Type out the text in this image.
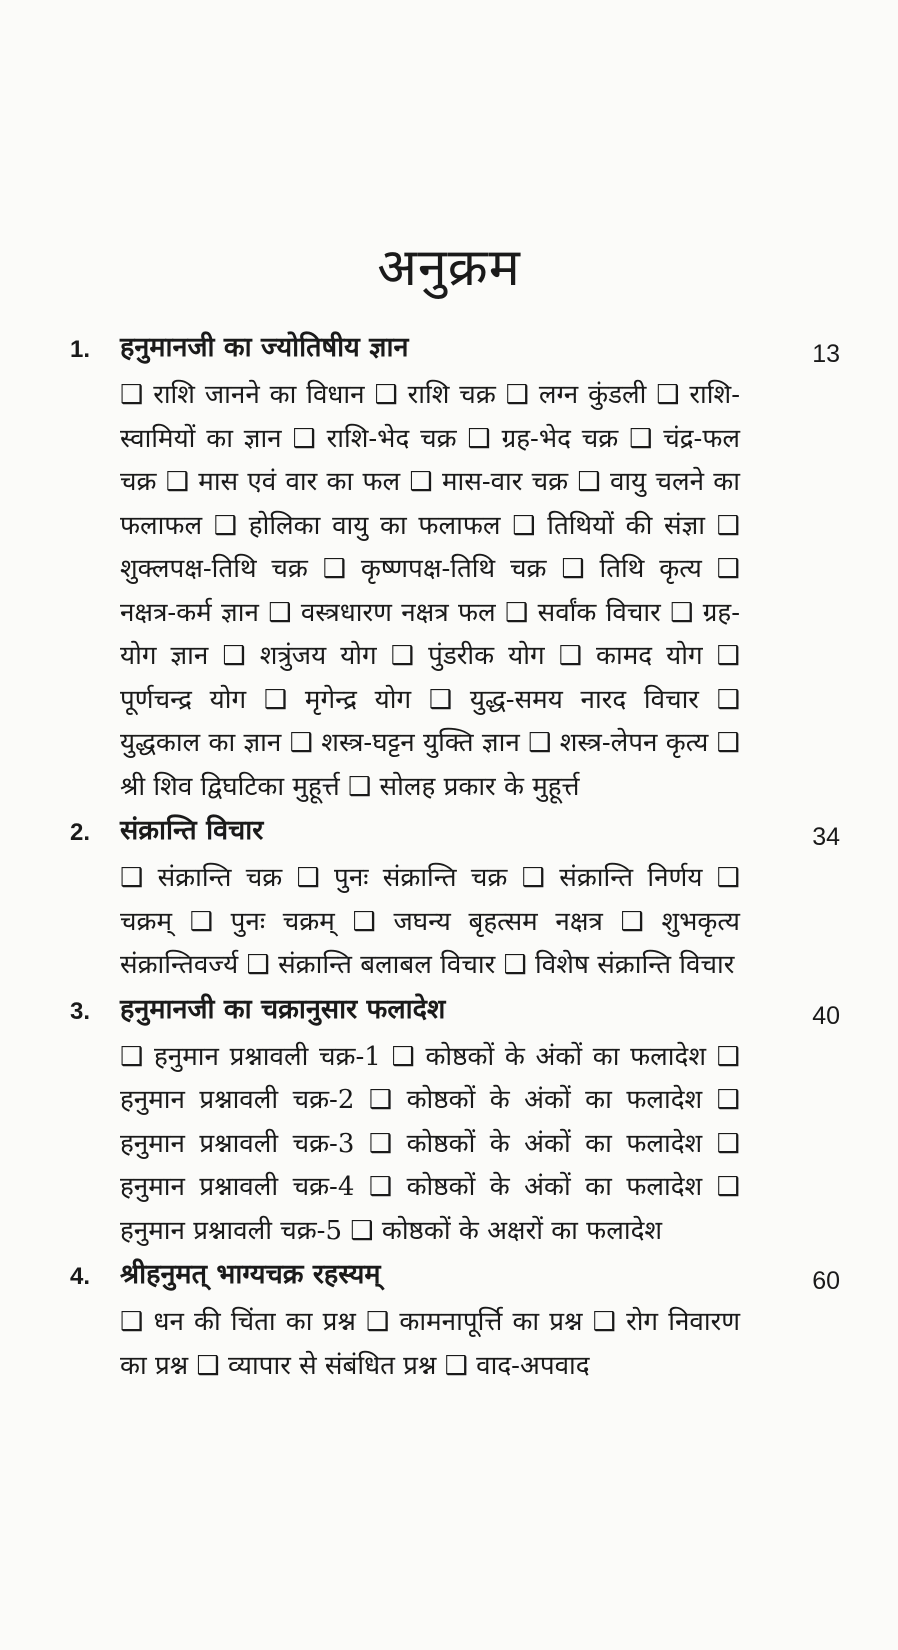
अनुक्रम
1. हनुमानजी का ज्योतिषीय ज्ञान	13
❑ राशि जानने का विधान ❑ राशि चक्र ❑ लग्न कुंडली ❑ राशि-स्वामियों का ज्ञान ❑ राशि-भेद चक्र ❑ ग्रह-भेद चक्र ❑ चंद्र-फल चक्र ❑ मास एवं वार का फल ❑ मास-वार चक्र ❑ वायु चलने का फलाफल ❑ होलिका वायु का फलाफल ❑ तिथियों की संज्ञा ❑ शुक्लपक्ष-तिथि चक्र ❑ कृष्णपक्ष-तिथि चक्र ❑ तिथि कृत्य ❑ नक्षत्र-कर्म ज्ञान ❑ वस्त्रधारण नक्षत्र फल ❑ सर्वांक विचार ❑ ग्रह-योग ज्ञान ❑ शत्रुंजय योग ❑ पुंडरीक योग ❑ कामद योग ❑ पूर्णचन्द्र योग ❑ मृगेन्द्र योग ❑ युद्ध-समय नारद विचार ❑ युद्धकाल का ज्ञान ❑ शस्त्र-घट्टन युक्ति ज्ञान ❑ शस्त्र-लेपन कृत्य ❑ श्री शिव द्विघटिका मुहूर्त्त ❑ सोलह प्रकार के मुहूर्त्त
2. संक्रान्ति विचार	34
❑ संक्रान्ति चक्र ❑ पुनः संक्रान्ति चक्र ❑ संक्रान्ति निर्णय ❑ चक्रम् ❑ पुनः चक्रम् ❑ जघन्य बृहत्सम नक्षत्र ❑ शुभकृत्य संक्रान्तिवर्ज्य ❑ संक्रान्ति बलाबल विचार ❑ विशेष संक्रान्ति विचार
3. हनुमानजी का चक्रानुसार फलादेश	40
❑ हनुमान प्रश्नावली चक्र-1 ❑ कोष्ठकों के अंकों का फलादेश ❑ हनुमान प्रश्नावली चक्र-2 ❑ कोष्ठकों के अंकों का फलादेश ❑ हनुमान प्रश्नावली चक्र-3 ❑ कोष्ठकों के अंकों का फलादेश ❑ हनुमान प्रश्नावली चक्र-4 ❑ कोष्ठकों के अंकों का फलादेश ❑ हनुमान प्रश्नावली चक्र-5 ❑ कोष्ठकों के अक्षरों का फलादेश
4. श्रीहनुमत् भाग्यचक्र रहस्यम्	60
❑ धन की चिंता का प्रश्न ❑ कामनापूर्त्ति का प्रश्न ❑ रोग निवारण का प्रश्न ❑ व्यापार से संबंधित प्रश्न ❑ वाद-अपवाद
